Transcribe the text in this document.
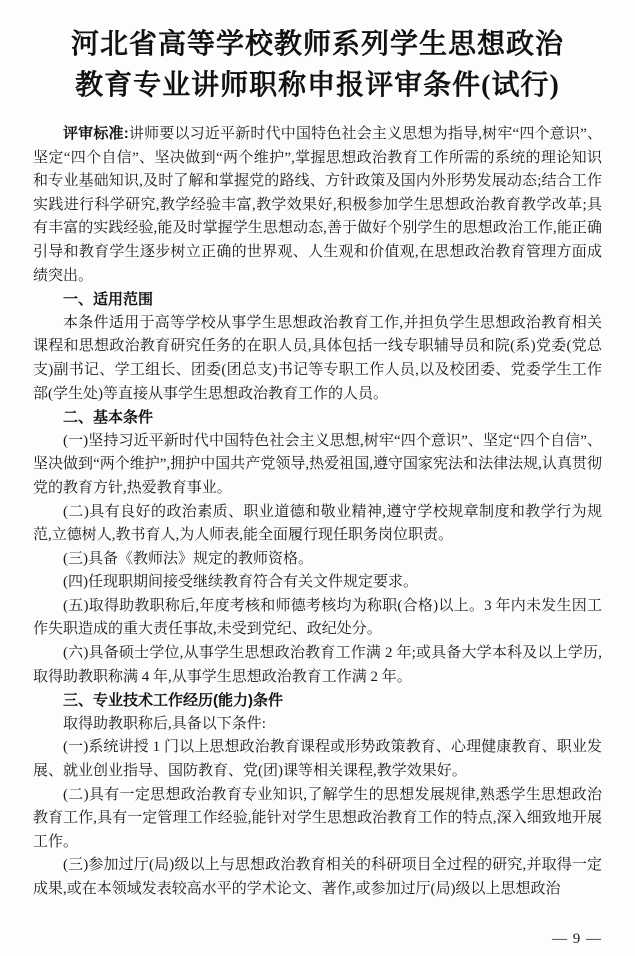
河北省高等学校教师系列学生思想政治
教育专业讲师职称申报评审条件(试行)

评审标准:讲师要以习近平新时代中国特色社会主义思想为指导,树牢“四个意识”、坚定“四个自信”、坚决做到“两个维护”,掌握思想政治教育工作所需的系统的理论知识和专业基础知识,及时了解和掌握党的路线、方针政策及国内外形势发展动态;结合工作实践进行科学研究,教学经验丰富,教学效果好,积极参加学生思想政治教育教学改革;具有丰富的实践经验,能及时掌握学生思想动态,善于做好个别学生的思想政治工作,能正确引导和教育学生逐步树立正确的世界观、人生观和价值观,在思想政治教育管理方面成绩突出。

一、适用范围

本条件适用于高等学校从事学生思想政治教育工作,并担负学生思想政治教育相关课程和思想政治教育研究任务的在职人员,具体包括一线专职辅导员和院(系)党委(党总支)副书记、学工组长、团委(团总支)书记等专职工作人员,以及校团委、党委学生工作部(学生处)等直接从事学生思想政治教育工作的人员。

二、基本条件

(一)坚持习近平新时代中国特色社会主义思想,树牢“四个意识”、坚定“四个自信”、坚决做到“两个维护”,拥护中国共产党领导,热爱祖国,遵守国家宪法和法律法规,认真贯彻党的教育方针,热爱教育事业。

(二)具有良好的政治素质、职业道德和敬业精神,遵守学校规章制度和教学行为规范,立德树人,教书育人,为人师表,能全面履行现任职务岗位职责。

(三)具备《教师法》规定的教师资格。

(四)任现职期间接受继续教育符合有关文件规定要求。

(五)取得助教职称后,年度考核和师德考核均为称职(合格)以上。3 年内未发生因工作失职造成的重大责任事故,未受到党纪、政纪处分。

(六)具备硕士学位,从事学生思想政治教育工作满 2 年;或具备大学本科及以上学历,取得助教职称满 4 年,从事学生思想政治教育工作满 2 年。

三、专业技术工作经历(能力)条件

取得助教职称后,具备以下条件:

(一)系统讲授 1 门以上思想政治教育课程或形势政策教育、心理健康教育、职业发展、就业创业指导、国防教育、党(团)课等相关课程,教学效果好。

(二)具有一定思想政治教育专业知识,了解学生的思想发展规律,熟悉学生思想政治教育工作,具有一定管理工作经验,能针对学生思想政治教育工作的特点,深入细致地开展工作。

(三)参加过厅(局)级以上与思想政治教育相关的科研项目全过程的研究,并取得一定成果,或在本领域发表较高水平的学术论文、著作,或参加过厅(局)级以上思想政治

— 9 —
